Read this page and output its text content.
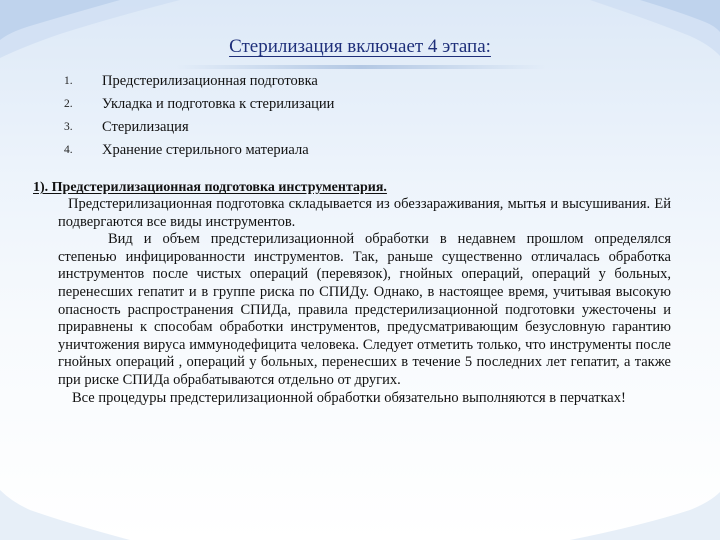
Стерилизация включает 4 этапа:
1.	Предстерилизационная подготовка
2.	Укладка и подготовка к стерилизации
3.	Стерилизация
4.	Хранение стерильного материала
1). Предстерилизационная подготовка инструментария.

Предстерилизационная подготовка складывается из обеззараживания, мытья и высушивания. Ей подвергаются все виды инструментов.

Вид и объем предстерилизационной обработки в недавнем прошлом определялся степенью инфицированности инструментов. Так, раньше существенно отличалась обработка инструментов после чистых операций (перевязок), гнойных операций, операций у больных, перенесших гепатит и в группе риска по СПИДу. Однако, в настоящее время, учитывая высокую опасность распространения СПИДа, правила предстерилизационной подготовки ужесточены и приравнены к способам обработки инструментов, предусматривающим безусловную гарантию уничтожения вируса иммунодефицита человека. Следует отметить только, что инструменты после гнойных операций , операций у больных, перенесших в течение 5 последних лет гепатит, а также при риске СПИДа обрабатываются отдельно от других.

Все процедуры предстерилизационной обработки обязательно выполняются в перчатках!
